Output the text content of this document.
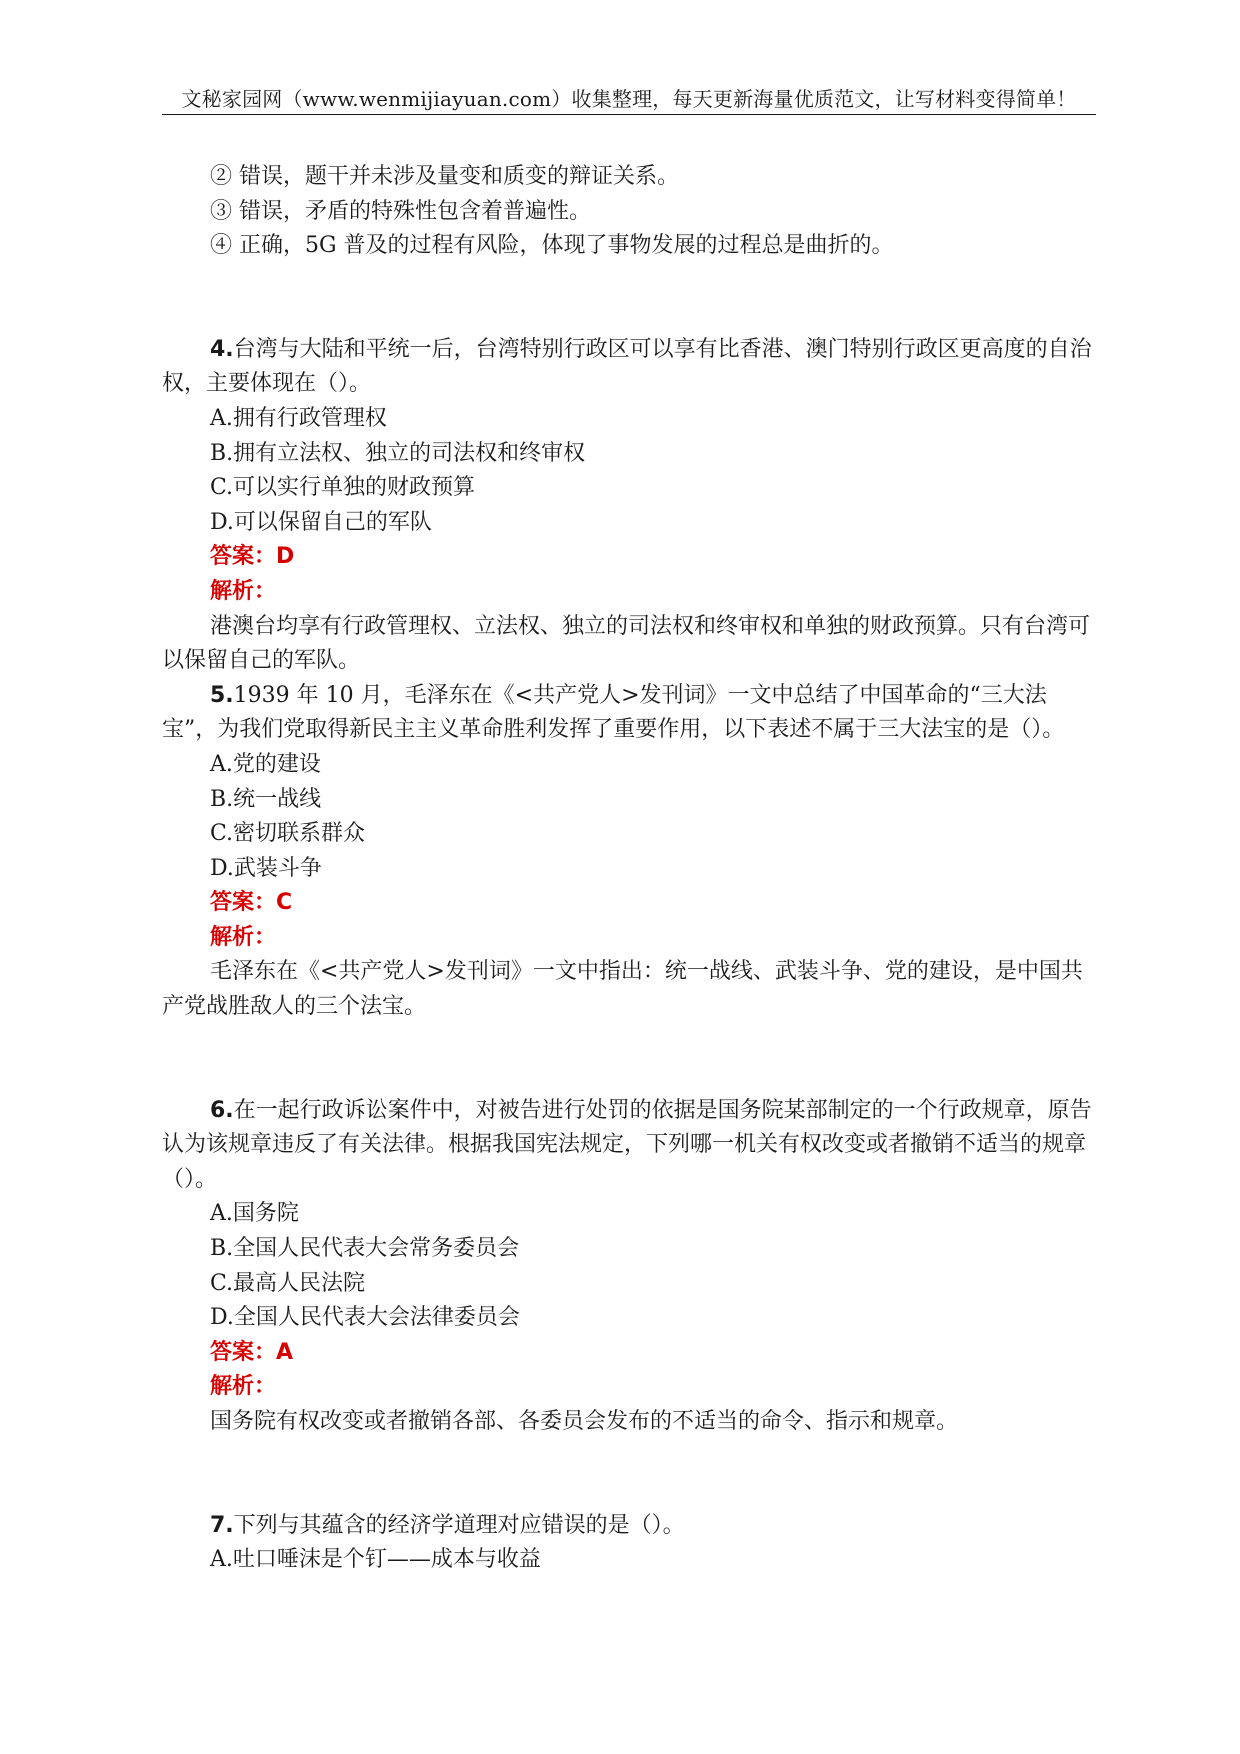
文秘家园网（www.wenmijiayuan.com）收集整理，每天更新海量优质范文，让写材料变得简单！
② 错误，题干并未涉及量变和质变的辩证关系。
③ 错误，矛盾的特殊性包含着普遍性。
④ 正确，5G 普及的过程有风险，体现了事物发展的过程总是曲折的。
4.台湾与大陆和平统一后，台湾特别行政区可以享有比香港、澳门特别行政区更高度的自治权，主要体现在（）。
A.拥有行政管理权
B.拥有立法权、独立的司法权和终审权
C.可以实行单独的财政预算
D.可以保留自己的军队
答案：D
解析：
港澳台均享有行政管理权、立法权、独立的司法权和终审权和单独的财政预算。只有台湾可以保留自己的军队。
5.1939 年 10 月，毛泽东在《<共产党人>发刊词》一文中总结了中国革命的“三大法宝”，为我们党取得新民主主义革命胜利发挥了重要作用，以下表述不属于三大法宝的是（）。
A.党的建设
B.统一战线
C.密切联系群众
D.武装斗争
答案：C
解析：
毛泽东在《<共产党人>发刊词》一文中指出：统一战线、武装斗争、党的建设，是中国共产党战胜敌人的三个法宝。
6.在一起行政诉讼案件中，对被告进行处罚的依据是国务院某部制定的一个行政规章，原告认为该规章违反了有关法律。根据我国宪法规定，下列哪一机关有权改变或者撤销不适当的规章（）。
A.国务院
B.全国人民代表大会常务委员会
C.最高人民法院
D.全国人民代表大会法律委员会
答案：A
解析：
国务院有权改变或者撤销各部、各委员会发布的不适当的命令、指示和规章。
7.下列与其蕴含的经济学道理对应错误的是（）。
A.吐口唾沫是个钉——成本与收益
